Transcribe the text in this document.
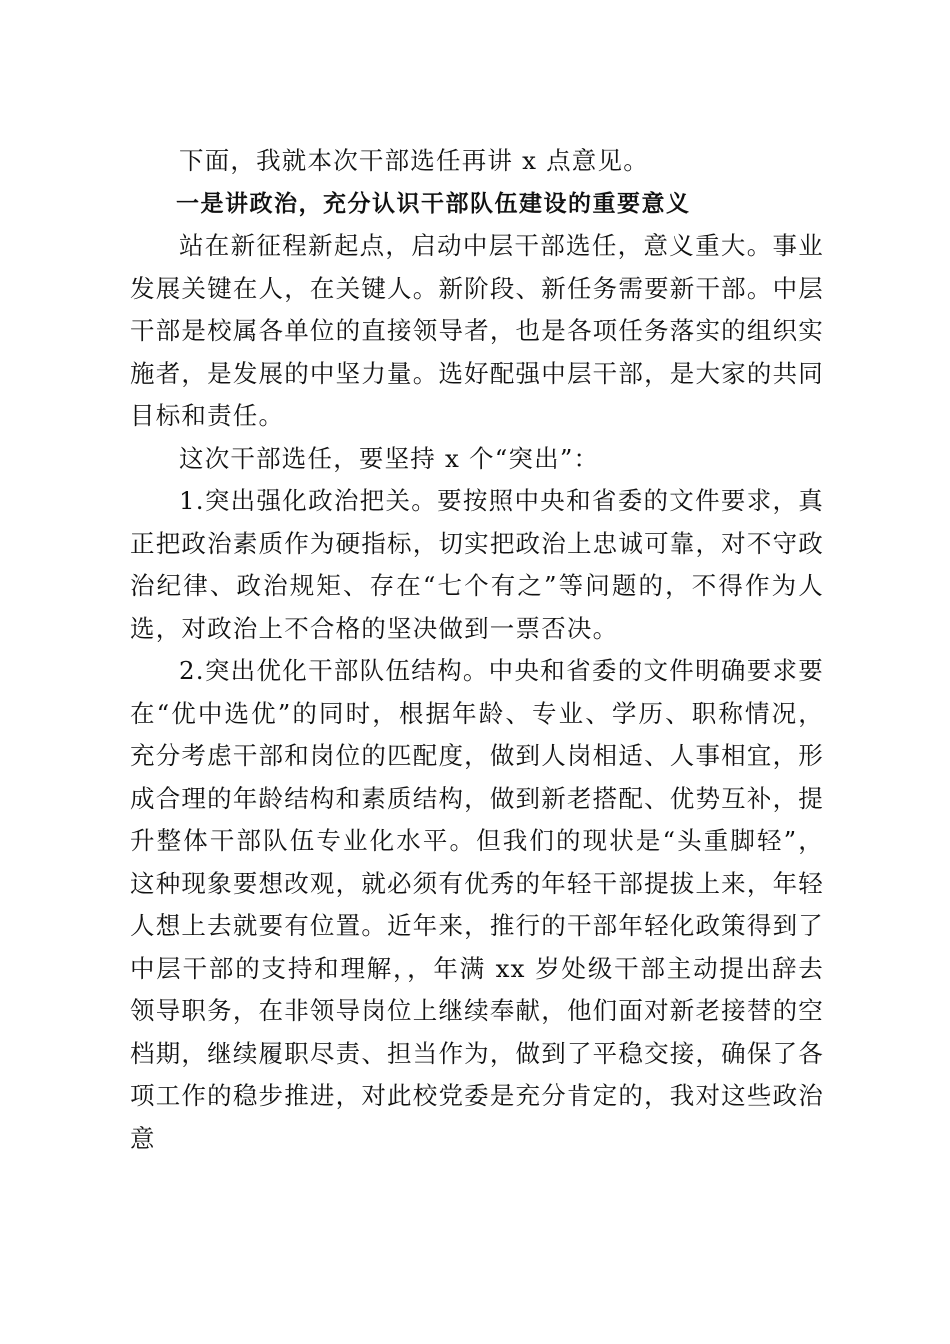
下面，我就本次干部选任再讲 x 点意见。

一是讲政治，充分认识干部队伍建设的重要意义

站在新征程新起点，启动中层干部选任，意义重大。事业发展关键在人，在关键人。新阶段、新任务需要新干部。中层干部是校属各单位的直接领导者，也是各项任务落实的组织实施者，是发展的中坚力量。选好配强中层干部，是大家的共同目标和责任。

这次干部选任，要坚持 x 个“突出”：

1.突出强化政治把关。要按照中央和省委的文件要求，真正把政治素质作为硬指标，切实把政治上忠诚可靠，对不守政治纪律、政治规矩、存在“七个有之”等问题的，不得作为人选，对政治上不合格的坚决做到一票否决。

2.突出优化干部队伍结构。中央和省委的文件明确要求要在“优中选优”的同时，根据年龄、专业、学历、职称情况，充分考虑干部和岗位的匹配度，做到人岗相适、人事相宜，形成合理的年龄结构和素质结构，做到新老搭配、优势互补，提升整体干部队伍专业化水平。但我们的现状是“头重脚轻”，这种现象要想改观，就必须有优秀的年轻干部提拔上来，年轻人想上去就要有位置。近年来，推行的干部年轻化政策得到了中层干部的支持和理解，，年满 xx 岁处级干部主动提出辞去领导职务，在非领导岗位上继续奉献，他们面对新老接替的空档期，继续履职尽责、担当作为，做到了平稳交接，确保了各项工作的稳步推进，对此校党委是充分肯定的，我对这些政治意
